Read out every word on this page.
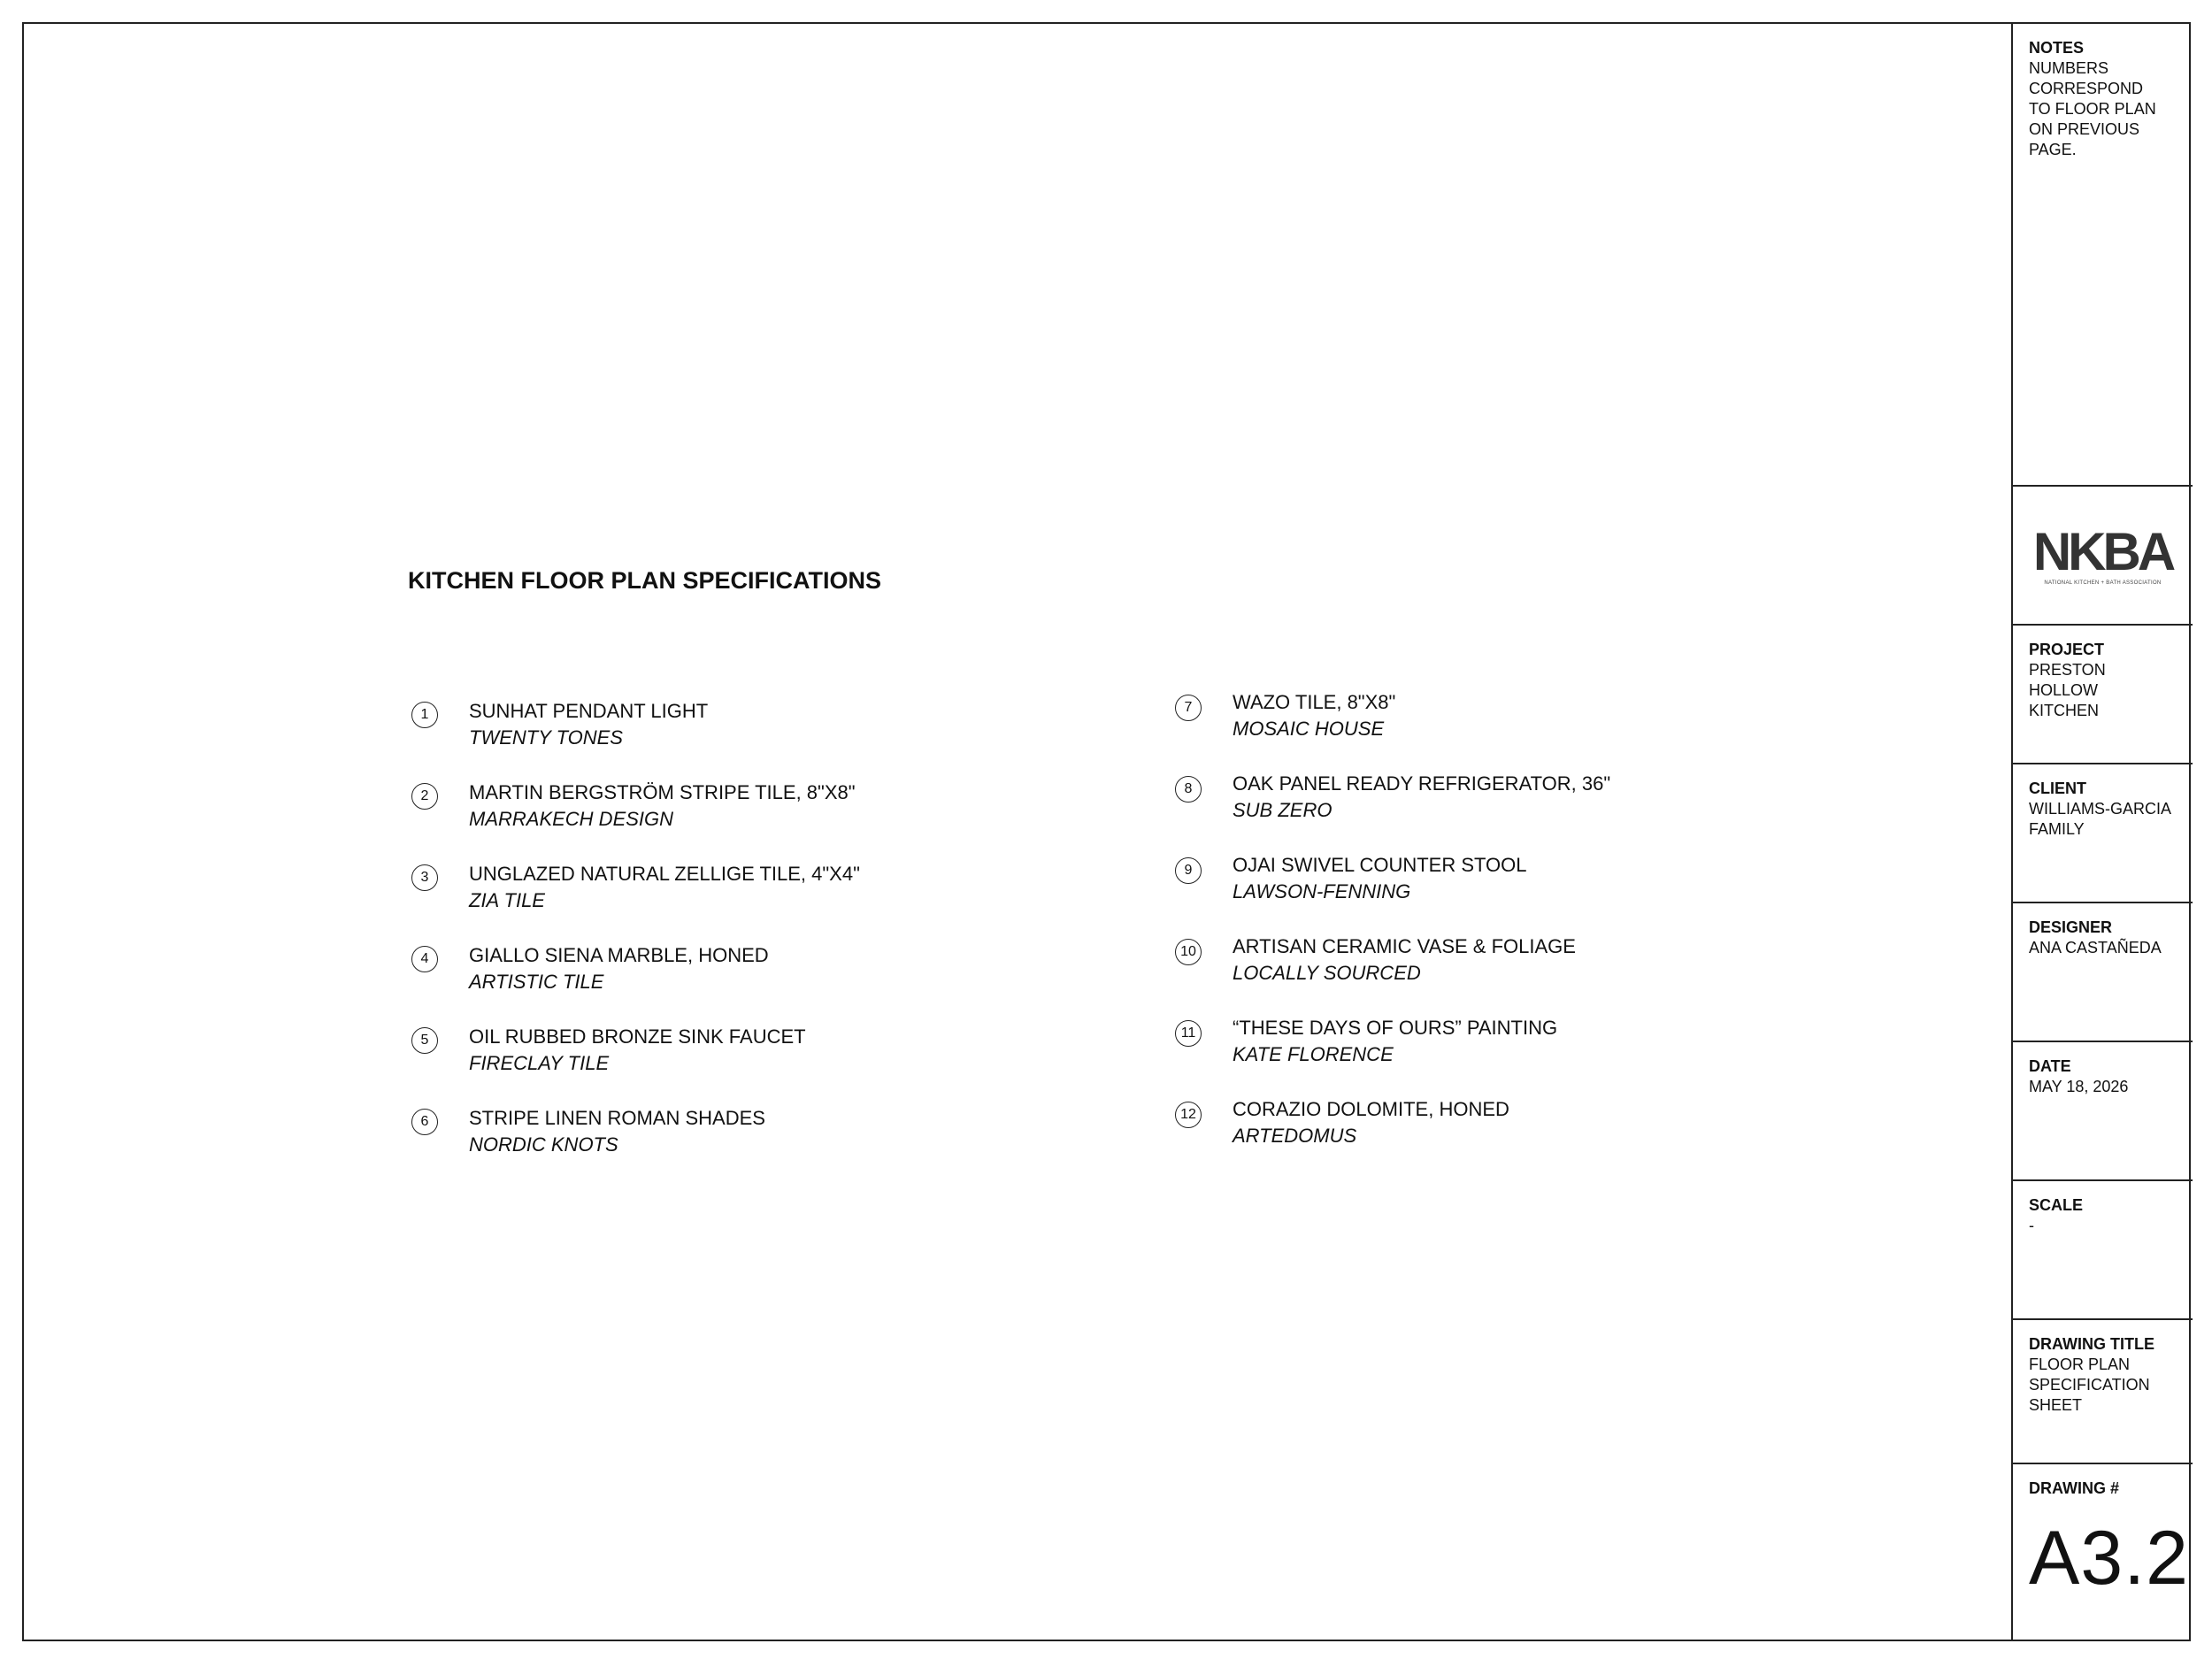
KITCHEN FLOOR PLAN SPECIFICATIONS
1	SUNHAT PENDANT LIGHT
TWENTY TONES
2	MARTIN BERGSTRÖM STRIPE TILE, 8"X8"
MARRAKECH DESIGN
3	UNGLAZED NATURAL ZELLIGE TILE, 4"X4"
ZIA TILE
4	GIALLO SIENA MARBLE, HONED
ARTISTIC TILE
5	OIL RUBBED BRONZE SINK FAUCET
FIRECLAY TILE
6	STRIPE LINEN ROMAN SHADES
NORDIC KNOTS
7	WAZO TILE, 8"X8"
MOSAIC HOUSE
8	OAK PANEL READY REFRIGERATOR, 36"
SUB ZERO
9	OJAI SWIVEL COUNTER STOOL
LAWSON-FENNING
10 ARTISAN CERAMIC VASE & FOLIAGE
LOCALLY SOURCED
11	“THESE DAYS OF OURS” PAINTING
KATE FLORENCE
12 CORAZIO DOLOMITE, HONED
ARTEDOMUS
NOTES
NUMBERS
CORRESPOND
TO FLOOR PLAN
ON PREVIOUS
PAGE.
NKBA
NATIONAL KITCHEN + BATH ASSOCIATION
PROJECT
PRESTON
HOLLOW
KITCHEN
CLIENT
WILLIAMS-GARCIA
FAMILY
DESIGNER
ANA CASTAÑEDA
DATE
MAY 18, 2026
SCALE
-
DRAWING TITLE
FLOOR PLAN
SPECIFICATION
SHEET
DRAWING #
A3.2
